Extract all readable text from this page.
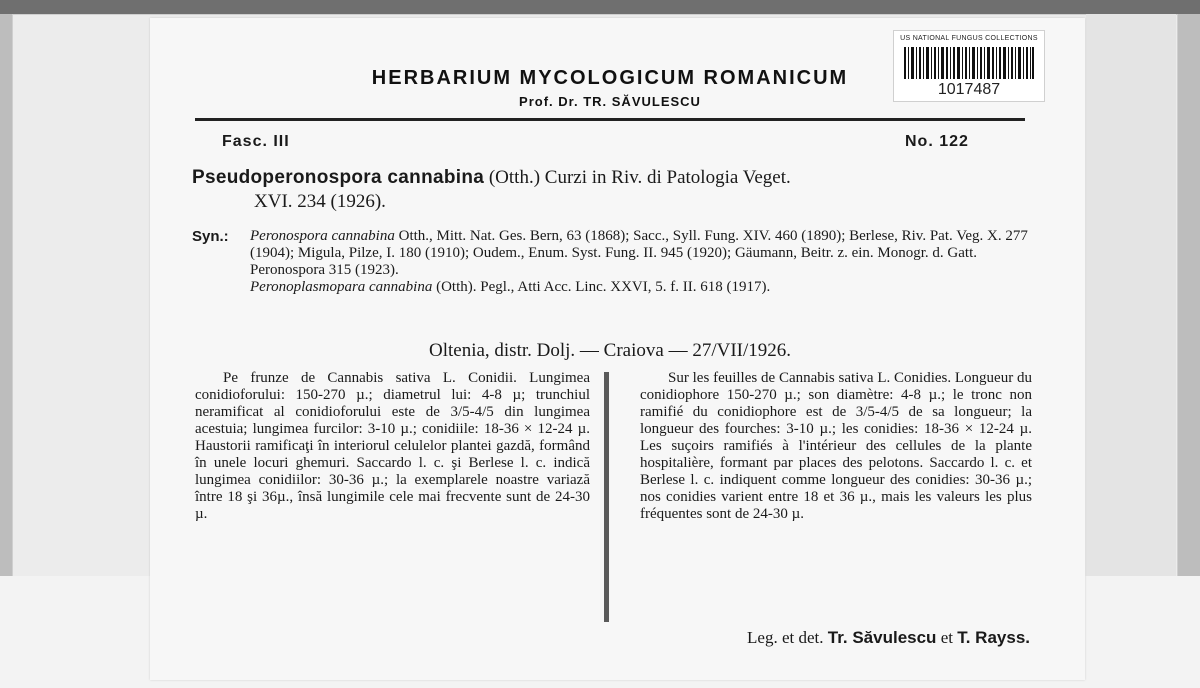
US NATIONAL FUNGUS COLLECTIONS
1017487
HERBARIUM MYCOLOGICUM ROMANICUM
Prof. Dr. TR. SĂVULESCU
Fasc. III	No. 122
Pseudoperonospora cannabina (Otth.) Curzi in Riv. di Patologia Veget.
XVI. 234 (1926).
Syn.: Peronospora cannabina Otth., Mitt. Nat. Ges. Bern, 63 (1868); Sacc., Syll. Fung. XIV. 460 (1890); Berlese, Riv. Pat. Veg. X. 277 (1904); Migula, Pilze, I. 180 (1910); Oudem., Enum. Syst. Fung. II. 945 (1920); Gäumann, Beitr. z. ein. Monogr. d. Gatt. Peronospora 315 (1923).
Peronoplasmopara cannabina (Otth). Pegl., Atti Acc. Linc. XXVI, 5. f. II. 618 (1917).
Oltenia, distr. Dolj. — Craiova — 27/VII/1926.
Pe frunze de Cannabis sativa L. Conidii. Lungimea conidioforului: 150-270 µ.; diametrul lui: 4-8 µ; trunchiul neramificat al conidioforului este de 3/5-4/5 din lungimea acestuia; lungimea furcilor: 3-10 µ.; conidiile: 18-36 × 12-24 µ. Haustorii ramificaţi în interiorul celulelor plantei gazdă, formând în unele locuri ghemuri. Saccardo l. c. şi Berlese l. c. indică lungimea conidiilor: 30-36 µ.; la exemplarele noastre variază între 18 şi 36µ., însă lungimile cele mai frecvente sunt de 24-30 µ.
Sur les feuilles de Cannabis sativa L. Conidies. Longueur du conidiophore 150-270 µ.; son diamètre: 4-8 µ.; le tronc non ramifié du conidiophore est de 3/5-4/5 de sa longueur; la longueur des fourches: 3-10 µ.; les conidies: 18-36 × 12-24 µ. Les suçoirs ramifiés à l'intérieur des cellules de la plante hospitalière, formant par places des pelotons. Saccardo l. c. et Berlese l. c. indiquent comme longueur des conidies: 30-36 µ.; nos conidies varient entre 18 et 36 µ., mais les valeurs les plus fréquentes sont de 24-30 µ.
Leg. et det. Tr. Săvulescu et T. Rayss.
